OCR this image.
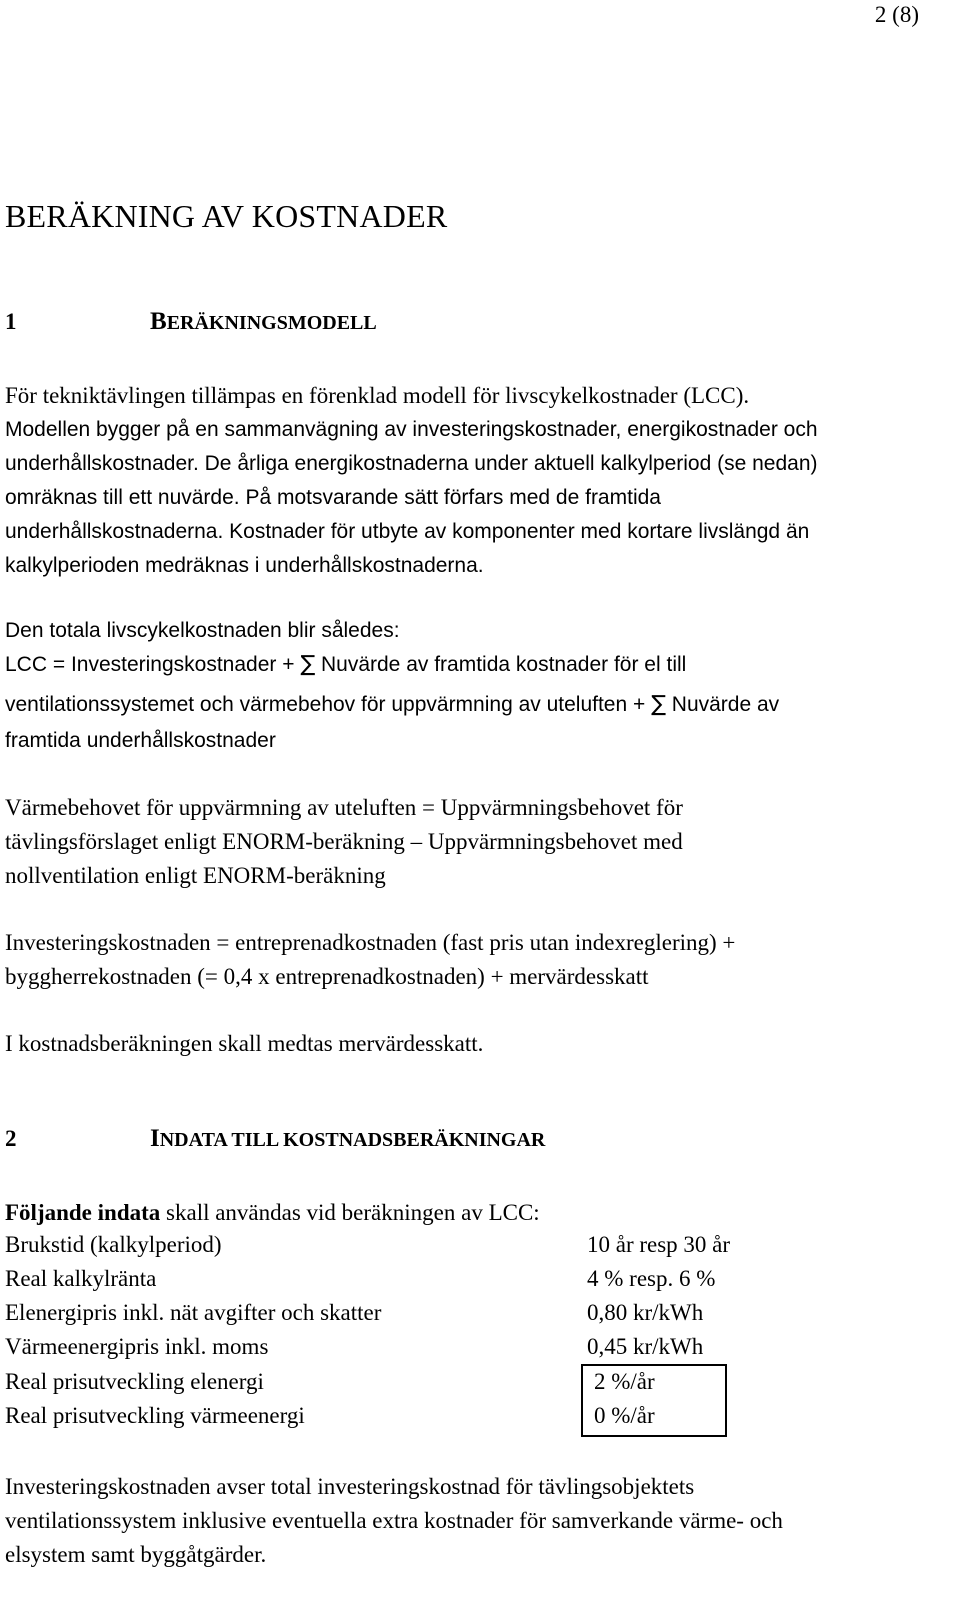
2 (8)
BERÄKNING AV KOSTNADER
1	BERÄKNINGSMODELL
För tekniktävlingen tillämpas en förenklad modell för livscykelkostnader (LCC).
Modellen bygger på en sammanvägning av investeringskostnader, energikostnader och
underhållskostnader. De årliga energikostnaderna under aktuell kalkylperiod (se nedan)
omräknas till ett nuvärde. På motsvarande sätt förfars med de framtida
underhållskostnaderna. Kostnader för utbyte av komponenter med kortare livslängd än
kalkylperioden medräknas i underhållskostnaderna.
Den totala livscykelkostnaden blir således:
LCC = Investeringskostnader + ∑ Nuvärde av framtida kostnader för el till
ventilationssystemet och värmebehov för uppvärmning av uteluften + ∑ Nuvärde av
framtida underhållskostnader
Värmebehovet för uppvärmning av uteluften = Uppvärmningsbehovet för
tävlingsförslaget enligt ENORM-beräkning – Uppvärmningsbehovet med
nollventilation enligt ENORM-beräkning
Investeringskostnaden = entreprenadkostnaden (fast pris utan indexreglering) +
byggherrekostnaden (= 0,4 x entreprenadkostnaden) + mervärdesskatt
I kostnadsberäkningen skall medtas mervärdesskatt.
2	INDATA TILL KOSTNADSBERÄKNINGAR
Följande indata skall användas vid beräkningen av LCC:
Brukstid (kalkylperiod)	10 år resp 30 år
Real kalkylränta	4 % resp. 6 %
Elenergipris inkl. nät avgifter och skatter	0,80 kr/kWh
Värmeenergipris inkl. moms	0,45 kr/kWh
Real prisutveckling elenergi	2 %/år
Real prisutveckling värmeenergi	0 %/år
Investeringskostnaden avser total investeringskostnad för tävlingsobjektets
ventilationssystem inklusive eventuella extra kostnader för samverkande värme- och
elsystem samt byggåtgärder.
